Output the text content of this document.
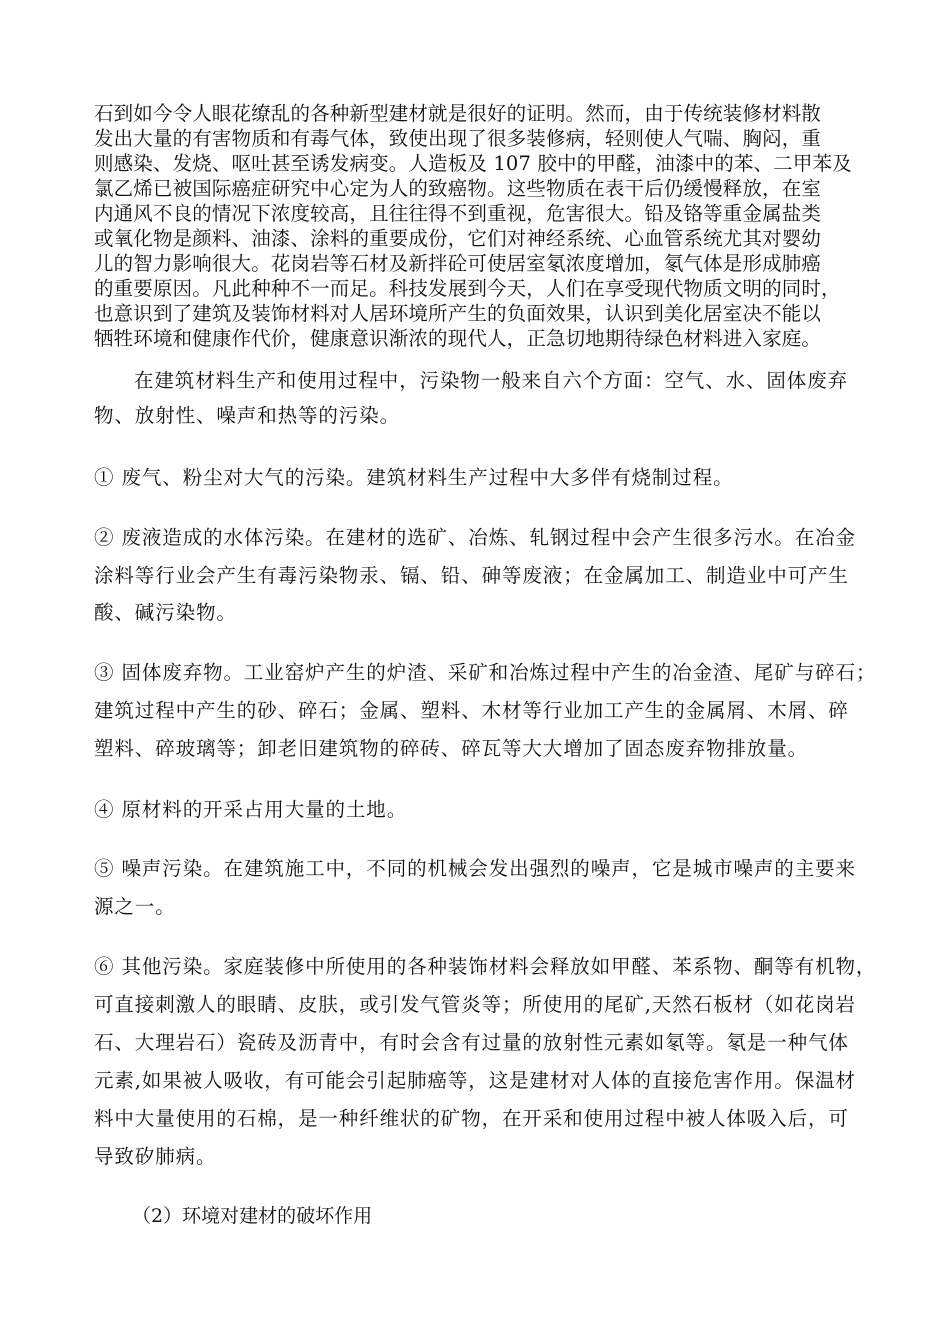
石到如今令人眼花缭乱的各种新型建材就是很好的证明。然而，由于传统装修材料散
发出大量的有害物质和有毒气体，致使出现了很多装修病，轻则使人气喘、胸闷，重
则感染、发烧、呕吐甚至诱发病变。人造板及 107 胶中的甲醛，油漆中的苯、二甲苯及
氯乙烯已被国际癌症研究中心定为人的致癌物。这些物质在表干后仍缓慢释放，在室
内通风不良的情况下浓度较高，且往往得不到重视，危害很大。铅及铬等重金属盐类
或氧化物是颜料、油漆、涂料的重要成份，它们对神经系统、心血管系统尤其对婴幼
儿的智力影响很大。花岗岩等石材及新拌砼可使居室氡浓度增加，氡气体是形成肺癌
的重要原因。凡此种种不一而足。科技发展到今天，人们在享受现代物质文明的同时，
也意识到了建筑及装饰材料对人居环境所产生的负面效果，认识到美化居室决不能以
牺牲环境和健康作代价，健康意识渐浓的现代人，正急切地期待绿色材料进入家庭。
在建筑材料生产和使用过程中，污染物一般来自六个方面：空气、水、固体废弃
物、放射性、噪声和热等的污染。
① 废气、粉尘对大气的污染。建筑材料生产过程中大多伴有烧制过程。
② 废液造成的水体污染。在建材的选矿、冶炼、轧钢过程中会产生很多污水。在冶金
涂料等行业会产生有毒污染物汞、镉、铅、砷等废液；在金属加工、制造业中可产生
酸、碱污染物。
③ 固体废弃物。工业窑炉产生的炉渣、采矿和冶炼过程中产生的冶金渣、尾矿与碎石；
建筑过程中产生的砂、碎石；金属、塑料、木材等行业加工产生的金属屑、木屑、碎
塑料、碎玻璃等；卸老旧建筑物的碎砖、碎瓦等大大增加了固态废弃物排放量。
④ 原材料的开采占用大量的土地。
⑤ 噪声污染。在建筑施工中，不同的机械会发出强烈的噪声，它是城市噪声的主要来
源之一。
⑥ 其他污染。家庭装修中所使用的各种装饰材料会释放如甲醛、苯系物、酮等有机物，
可直接刺激人的眼睛、皮肤，或引发气管炎等；所使用的尾矿,天然石板材（如花岗岩
石、大理岩石）瓷砖及沥青中，有时会含有过量的放射性元素如氡等。氡是一种气体
元素,如果被人吸收，有可能会引起肺癌等，这是建材对人体的直接危害作用。保温材
料中大量使用的石棉，是一种纤维状的矿物，在开采和使用过程中被人体吸入后，可
导致矽肺病。
（2）环境对建材的破坏作用
